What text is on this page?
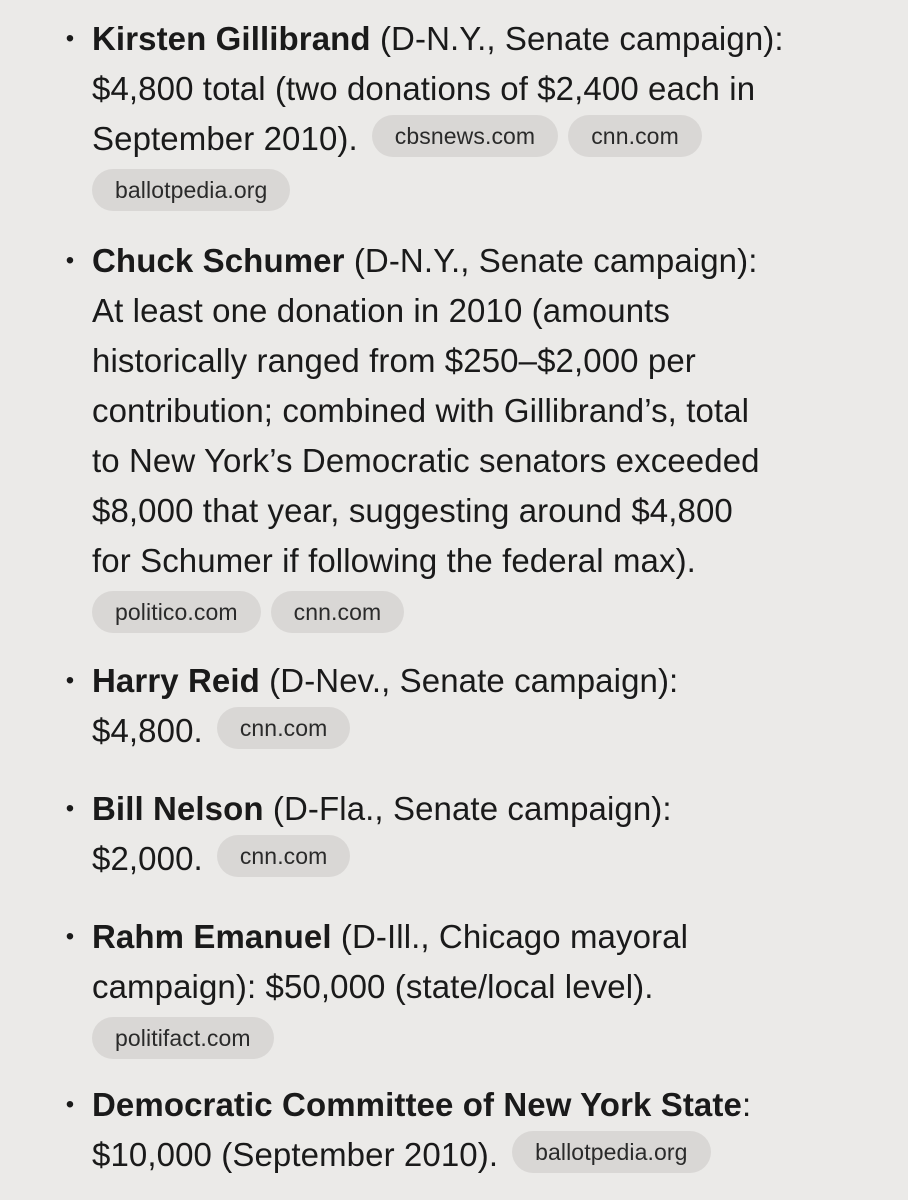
• Kirsten Gillibrand (D-N.Y., Senate campaign):
$4,800 total (two donations of $2,400 each in
September 2010). cbsnews.com cnn.com
ballotpedia.org
• Chuck Schumer (D-N.Y., Senate campaign):
At least one donation in 2010 (amounts
historically ranged from $250–$2,000 per
contribution; combined with Gillibrand’s, total
to New York’s Democratic senators exceeded
$8,000 that year, suggesting around $4,800
for Schumer if following the federal max).
politico.com cnn.com
• Harry Reid (D-Nev., Senate campaign):
$4,800. cnn.com
• Bill Nelson (D-Fla., Senate campaign):
$2,000. cnn.com
• Rahm Emanuel (D-Ill., Chicago mayoral
campaign): $50,000 (state/local level).
politifact.com
• Democratic Committee of New York State:
$10,000 (September 2010). ballotpedia.org
